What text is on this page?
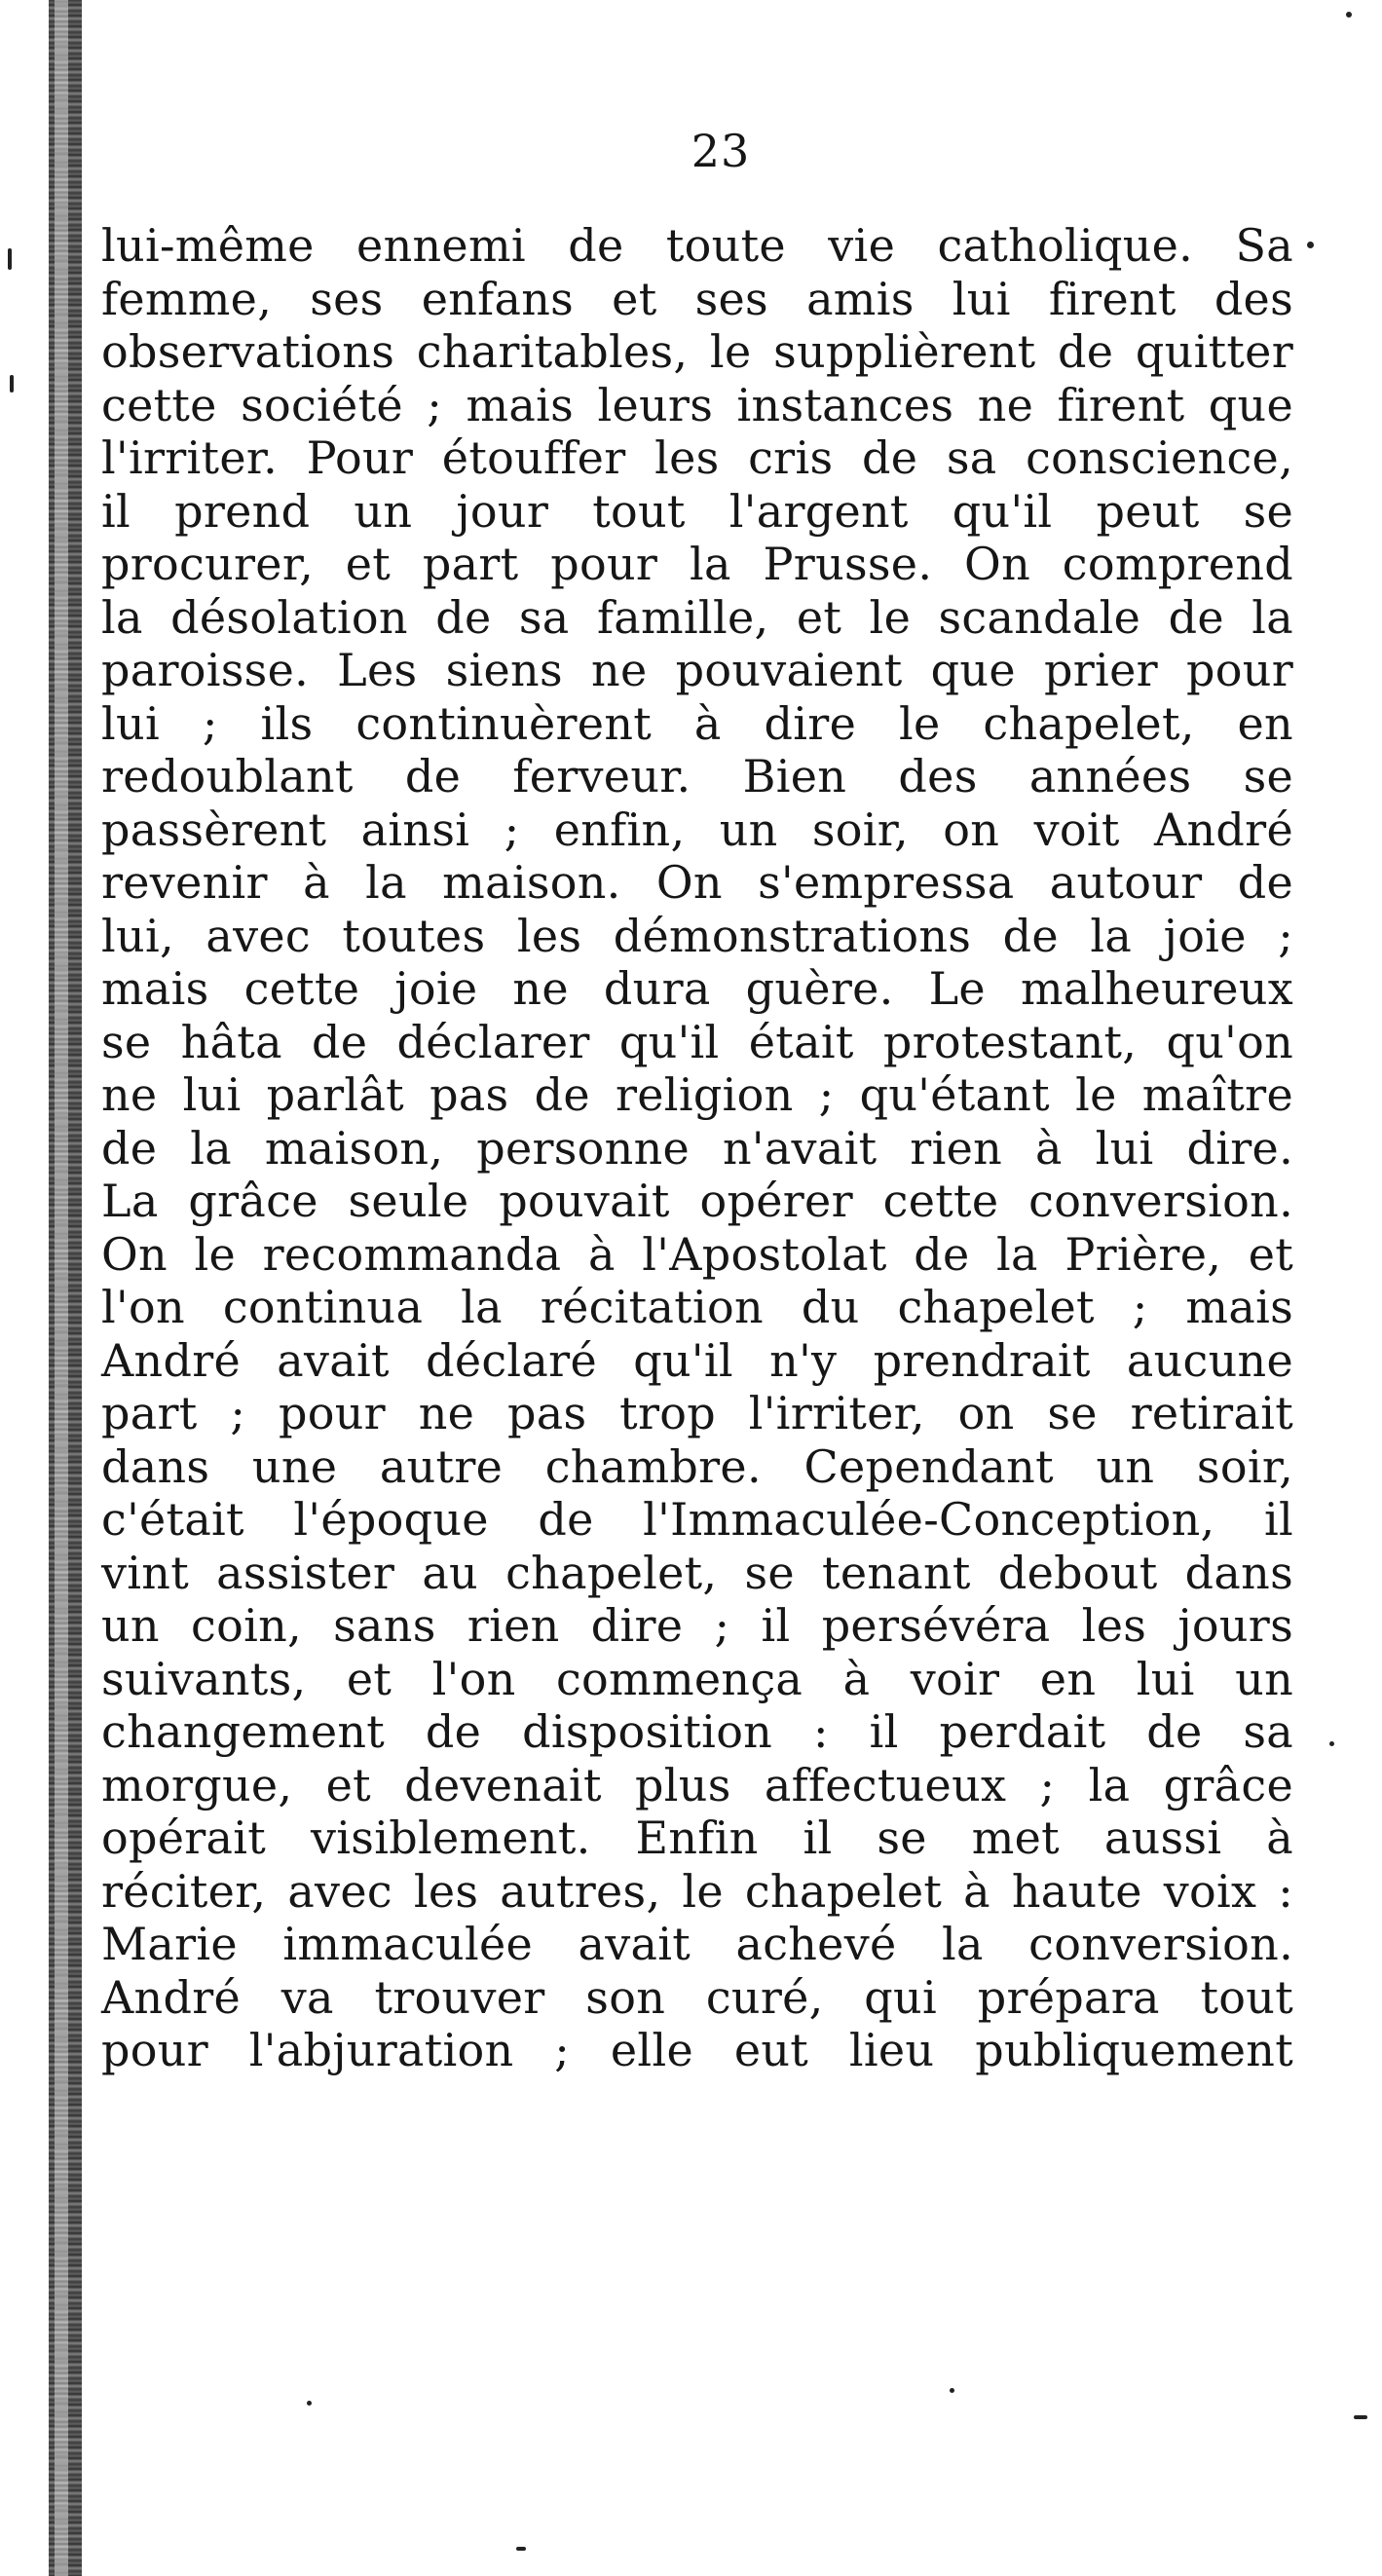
23
lui-même ennemi de toute vie catholique. Sa
femme, ses enfans et ses amis lui firent des
observations charitables, le supplièrent de quitter
cette société ; mais leurs instances ne firent que
l'irriter. Pour étouffer les cris de sa conscience,
il prend un jour tout l'argent qu'il peut se
procurer, et part pour la Prusse. On comprend
la désolation de sa famille, et le scandale de la
paroisse. Les siens ne pouvaient que prier pour
lui ; ils continuèrent à dire le chapelet, en
redoublant de ferveur. Bien des années se
passèrent ainsi ; enfin, un soir, on voit André
revenir à la maison. On s'empressa autour de
lui, avec toutes les démonstrations de la joie ;
mais cette joie ne dura guère. Le malheureux
se hâta de déclarer qu'il était protestant, qu'on
ne lui parlât pas de religion ; qu'étant le maître
de la maison, personne n'avait rien à lui dire.
La grâce seule pouvait opérer cette conversion.
On le recommanda à l'Apostolat de la Prière, et
l'on continua la récitation du chapelet ; mais
André avait déclaré qu'il n'y prendrait aucune
part ; pour ne pas trop l'irriter, on se retirait
dans une autre chambre. Cependant un soir,
c'était l'époque de l'Immaculée-Conception, il
vint assister au chapelet, se tenant debout dans
un coin, sans rien dire ; il persévéra les jours
suivants, et l'on commença à voir en lui un
changement de disposition : il perdait de sa
morgue, et devenait plus affectueux ; la grâce
opérait visiblement. Enfin il se met aussi à
réciter, avec les autres, le chapelet à haute voix :
Marie immaculée avait achevé la conversion.
André va trouver son curé, qui prépara tout
pour l'abjuration ; elle eut lieu publiquement
